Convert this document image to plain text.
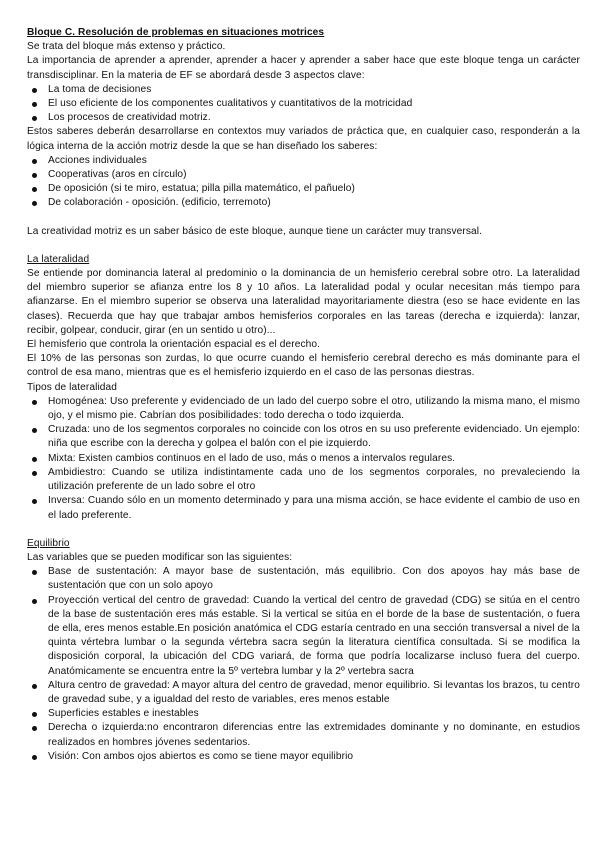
Bloque C. Resolución de problemas en situaciones motrices

Se trata del bloque más extenso y práctico.

La importancia de aprender a aprender, aprender a hacer y aprender a saber hace que este bloque tenga un carácter transdisciplinar. En la materia de EF se abordará desde 3 aspectos clave:

La toma de decisiones
El uso eficiente de los componentes cualitativos y cuantitativos de la motricidad
Los procesos de creatividad motriz.

Estos saberes deberán desarrollarse en contextos muy variados de práctica que, en cualquier caso, responderán a la lógica interna de la acción motriz desde la que se han diseñado los saberes:

Acciones individuales
Cooperativas (aros en círculo)
De oposición (si te miro, estatua; pilla pilla matemático, el pañuelo)
De colaboración - oposición. (edificio, terremoto)

La creatividad motriz es un saber básico de este bloque, aunque tiene un carácter muy transversal.

La lateralidad

Se entiende por dominancia lateral al predominio o la dominancia de un hemisferio cerebral sobre otro. La lateralidad del miembro superior se afianza entre los 8 y 10 años. La lateralidad podal y ocular necesitan más tiempo para afianzarse. En el miembro superior se observa una lateralidad mayoritariamente diestra (eso se hace evidente en las clases). Recuerda que hay que trabajar ambos hemisferios corporales en las tareas (derecha e izquierda): lanzar, recibir, golpear, conducir, girar (en un sentido u otro)...

El hemisferio que controla la orientación espacial es el derecho.

El 10% de las personas son zurdas, lo que ocurre cuando el hemisferio cerebral derecho es más dominante para el control de esa mano, mientras que es el hemisferio izquierdo en el caso de las personas diestras.

Tipos de lateralidad

Homogénea: Uso preferente y evidenciado de un lado del cuerpo sobre el otro, utilizando la misma mano, el mismo ojo, y el mismo pie. Cabrían dos posibilidades: todo derecha o todo izquierda.
Cruzada: uno de los segmentos corporales no coincide con los otros en su uso preferente evidenciado. Un ejemplo: niña que escribe con la derecha y golpea el balón con el pie izquierdo.
Mixta: Existen cambios continuos en el lado de uso, más o menos a intervalos regulares.
Ambidiestro: Cuando se utiliza indistintamente cada uno de los segmentos corporales, no prevaleciendo la utilización preferente de un lado sobre el otro
Inversa: Cuando sólo en un momento determinado y para una misma acción, se hace evidente el cambio de uso en el lado preferente.

Equilibrio

Las variables que se pueden modificar son las siguientes:

Base de sustentación: A mayor base de sustentación, más equilibrio. Con dos apoyos hay más base de sustentación que con un solo apoyo
Proyección vertical del centro de gravedad: Cuando la vertical del centro de gravedad (CDG) se sitúa en el centro de la base de sustentación eres más estable. Si la vertical se sitúa en el borde de la base de sustentación, o fuera de ella, eres menos estable.En posición anatómica el CDG estaría centrado en una sección transversal a nivel de la quinta vértebra lumbar o la segunda vértebra sacra según la literatura científica consultada. Si se modifica la disposición corporal, la ubicación del CDG variará, de forma que podría localizarse incluso fuera del cuerpo. Anatómicamente se encuentra entre la 5º vertebra lumbar y la 2º vertebra sacra
Altura centro de gravedad: A mayor altura del centro de gravedad, menor equilibrio. Si levantas los brazos, tu centro de gravedad sube, y a igualdad del resto de variables, eres menos estable
Superficies estables e inestables
Derecha o izquierda:no encontraron diferencias entre las extremidades dominante y no dominante, en estudios realizados en hombres jóvenes sedentarios.
Visión: Con ambos ojos abiertos es como se tiene mayor equilibrio
